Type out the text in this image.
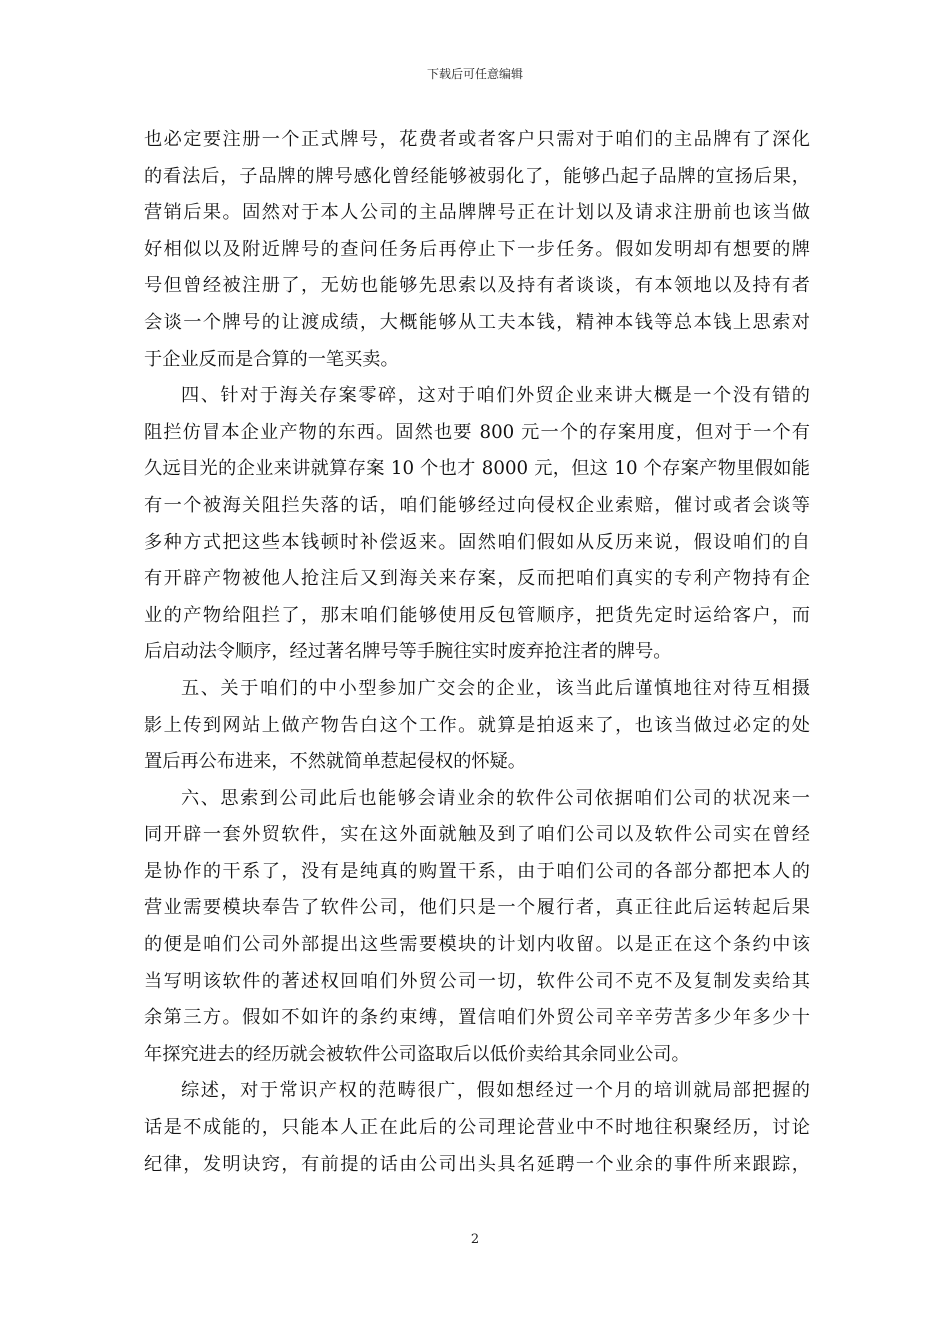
下载后可任意编辑
也必定要注册一个正式牌号，花费者或者客户只需对于咱们的主品牌有了深化
的看法后，子品牌的牌号感化曾经能够被弱化了，能够凸起子品牌的宣扬后果，
营销后果。固然对于本人公司的主品牌牌号正在计划以及请求注册前也该当做
好相似以及附近牌号的查问任务后再停止下一步任务。假如发明却有想要的牌
号但曾经被注册了，无妨也能够先思索以及持有者谈谈，有本领地以及持有者
会谈一个牌号的让渡成绩，大概能够从工夫本钱，精神本钱等总本钱上思索对
于企业反而是合算的一笔买卖。
四、针对于海关存案零碎，这对于咱们外贸企业来讲大概是一个没有错的
阻拦仿冒本企业产物的东西。固然也要 800 元一个的存案用度，但对于一个有
久远目光的企业来讲就算存案 10 个也才 8000 元，但这 10 个存案产物里假如能
有一个被海关阻拦失落的话，咱们能够经过向侵权企业索赔，催讨或者会谈等
多种方式把这些本钱顿时补偿返来。固然咱们假如从反历来说，假设咱们的自
有开辟产物被他人抢注后又到海关来存案，反而把咱们真实的专利产物持有企
业的产物给阻拦了，那末咱们能够使用反包管顺序，把货先定时运给客户，而
后启动法令顺序，经过著名牌号等手腕往实时废弃抢注者的牌号。
五、关于咱们的中小型参加广交会的企业，该当此后谨慎地往对待互相摄
影上传到网站上做产物告白这个工作。就算是拍返来了，也该当做过必定的处
置后再公布进来，不然就简单惹起侵权的怀疑。
六、思索到公司此后也能够会请业余的软件公司依据咱们公司的状况来一
同开辟一套外贸软件，实在这外面就触及到了咱们公司以及软件公司实在曾经
是协作的干系了，没有是纯真的购置干系，由于咱们公司的各部分都把本人的
营业需要模块奉告了软件公司，他们只是一个履行者，真正往此后运转起后果
的便是咱们公司外部提出这些需要模块的计划内收留。以是正在这个条约中该
当写明该软件的著述权回咱们外贸公司一切，软件公司不克不及复制发卖给其
余第三方。假如不如许的条约束缚，置信咱们外贸公司辛辛劳苦多少年多少十
年探究进去的经历就会被软件公司盗取后以低价卖给其余同业公司。
综述，对于常识产权的范畴很广，假如想经过一个月的培训就局部把握的
话是不成能的，只能本人正在此后的公司理论营业中不时地往积聚经历，讨论
纪律，发明诀窍，有前提的话由公司出头具名延聘一个业余的事件所来跟踪，
2
